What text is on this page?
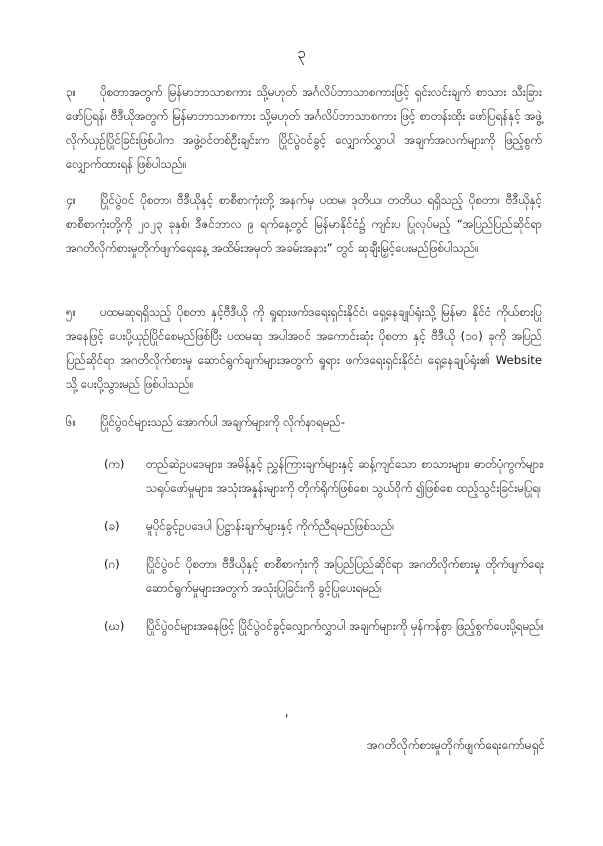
၃
၃။ ပိုစတာအတွက် မြန်မာဘာသာစကား သို့မဟုတ် အင်္ဂလိပ်ဘာသာစကားဖြင့် ရှင်းလင်းချက် စာသား သီးခြားဖော်ပြရန်၊ ဗီဒီယိုအတွက် မြန်မာဘာသာစကား သို့မဟုတ် အင်္ဂလိပ်ဘာသာစကား ဖြင့် စာတန်းထိုး ဖော်ပြရန်နှင့် အဖွဲ့လိုက်ယှဉ်ပြိုင်ခြင်းဖြစ်ပါက အဖွဲ့ဝင်တစ်ဦးချင်းက ပြိုင်ပွဲဝင်ခွင့် လျှောက်လွှာပါ အချက်အလက်များကို ဖြည့်စွက်လျှောက်ထားရန် ဖြစ်ပါသည်။
၄။ ပြိုင်ပွဲဝင် ပိုစတာ၊ ဗီဒီယိုနှင့် စာစီစာကုံးတို့ အနက်မှ ပထမ၊ ဒုတိယ၊ တတိယ ရရှိသည့် ပိုစတာ၊ ဗီဒီယိုနှင့် စာစီစာကုံးတို့ကို ၂၀၂၃ ခုနှစ်၊ ဒီဇင်ဘာလ ၉ ရက်နေ့တွင် မြန်မာနိုင်ငံ၌ ကျင်းပ ပြုလုပ်မည့် “အပြည်ပြည်ဆိုင်ရာ အဂတိလိုက်စားမှုတိုက်ဖျက်ရေးနေ့ အထိမ်းအမှတ် အခမ်းအနား” တွင် ဆုချီးမြှင့်ပေးမည်ဖြစ်ပါသည်။
၅။ ပထမဆုရရှိသည့် ပိုစတာ နှင့်ဗီဒီယို ကို ရှုရားဖက်ဒရေးရှင်းနိုင်ငံ၊ ရှေ့နေချုပ်ရုံးသို့ မြန်မာ နိုင်ငံ ကိုယ်စားပြုအနေဖြင့် ပေးပို့ယှဉ်ပြိုင်စေမည်ဖြစ်ပြီး ပထမဆု အပါအဝင် အကောင်းဆုံး ပိုစတာ နှင့် ဗီဒီယို (၁၀) ခုကို အပြည်ပြည်ဆိုင်ရာ အဂတိလိုက်စားမှု ဆောင်ရွက်ချက်များအတွက် ရှုရား ဖက်ဒရေးရှင်းနိုင်ငံ၊ ရှေ့နေချုပ်ရုံး၏ Website သို့ ပေးပို့သွားမည် ဖြစ်ပါသည်။
၆။ ပြိုင်ပွဲဝင်များသည် အောက်ပါ အချက်များကို လိုက်နာရမည်-
(က)	တည်ဆဲဥပဒေများ၊ အမိန့်နှင့် ညွှန်ကြားချက်များနှင့် ဆန့်ကျင်သော စာသားများ၊ ဓာတ်ပုံကွက်များ၊ သရုပ်ဖော်မှုများ၊ အသုံးအနှုန်းများကို တိုက်ရိုက်ဖြစ်စေ၊ သွယ်ဝိုက် ၍ဖြစ်စေ ထည့်သွင်းခြင်းမပြုရ၊
(ခ)	မူပိုင်ခွင့်ဥပဒေပါ ပြဋ္ဌာန်းချက်များနှင့် ကိုက်ညီရမည်ဖြစ်သည်၊
(ဂ)	ပြိုင်ပွဲဝင် ပိုစတာ၊ ဗီဒီယိုနှင့် စာစီစာကုံးကို အပြည်ပြည်ဆိုင်ရာ အဂတိလိုက်စားမှု တိုက်ဖျက်ရေးဆောင်ရွက်မှုများအတွက် အသုံးပြုခြင်းကို ခွင့်ပြုပေးရမည်၊
(ဃ)	ပြိုင်ပွဲဝင်များအနေဖြင့် ပြိုင်ပွဲဝင်ခွင့်လျှောက်လွှာပါ အချက်များကို မှန်ကန်စွာ ဖြည့်စွက်ပေးပို့ရမည်။
'
အဂတိလိုက်စားမှုတိုက်ဖျက်ရေးကော်မရှင်
